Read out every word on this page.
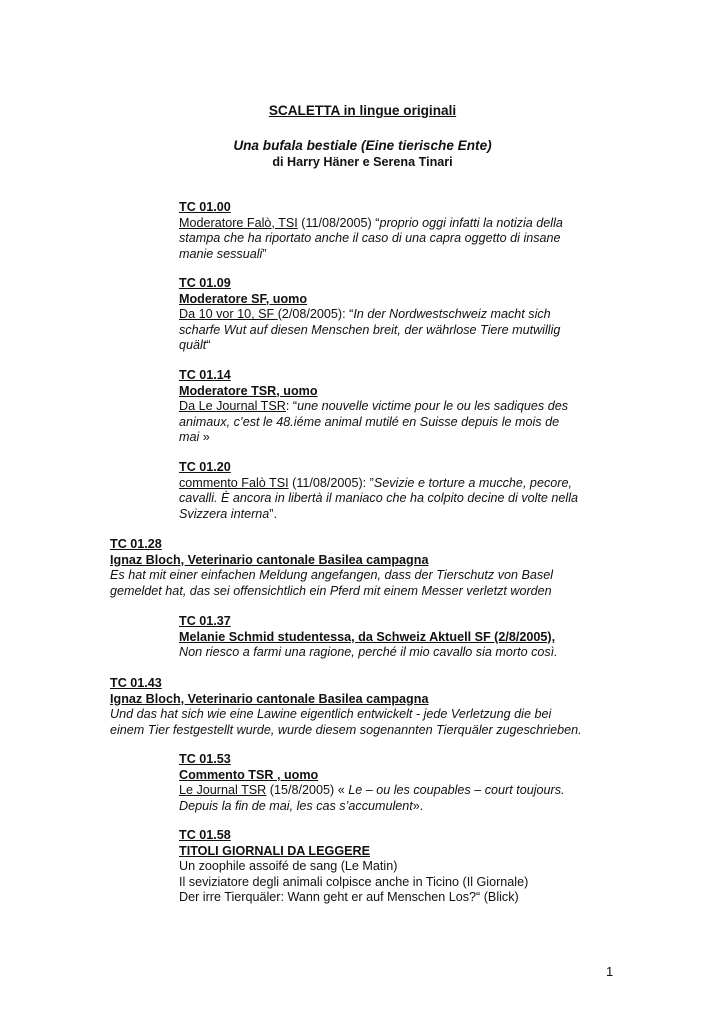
SCALETTA in lingue originali
Una bufala bestiale (Eine tierische Ente)
di Harry Häner e Serena Tinari
TC 01.00
Moderatore Falò, TSI (11/08/2005) “proprio oggi infatti la notizia della
stampa che ha riportato anche il caso di una capra oggetto di insane
manie sessuali”
TC 01.09
Moderatore SF, uomo
Da 10 vor 10, SF (2/08/2005): “In der Nordwestschweiz macht sich
scharfe Wut auf diesen Menschen breit, der währlose Tiere mutwillig
quält“
TC 01.14
Moderatore TSR, uomo
Da Le Journal TSR: “une nouvelle victime pour le ou les sadiques des
animaux, c’est le 48.iéme animal mutilé en Suisse depuis le mois de
mai »
TC 01.20
commento Falò TSI (11/08/2005): ”Sevizie e torture a mucche, pecore,
cavalli. È ancora in libertà il maniaco che ha colpito decine di volte nella
Svizzera interna”.
TC 01.28
Ignaz Bloch, Veterinario cantonale Basilea campagna
Es hat mit einer einfachen Meldung angefangen, dass der Tierschutz von Basel
gemeldet hat, das sei offensichtlich ein Pferd mit einem Messer verletzt worden
TC 01.37
Melanie Schmid studentessa, da Schweiz Aktuell SF (2/8/2005),
Non riesco a farmi una ragione, perché il mio cavallo sia morto così.
TC 01.43
Ignaz Bloch, Veterinario cantonale Basilea campagna
Und das hat sich wie eine Lawine eigentlich entwickelt - jede Verletzung die bei
einem Tier festgestellt wurde, wurde diesem sogenannten Tierquäler zugeschrieben.
TC 01.53
Commento TSR , uomo
Le Journal TSR (15/8/2005) « Le – ou les coupables – court toujours.
Depuis la fin de mai, les cas s’accumulent».
TC 01.58
TITOLI GIORNALI DA LEGGERE
Un zoophile assoifé de sang (Le Matin)
Il seviziatore degli animali colpisce anche in Ticino (Il Giornale)
Der irre Tierquäler: Wann geht er auf Menschen Los?“ (Blick)
1
